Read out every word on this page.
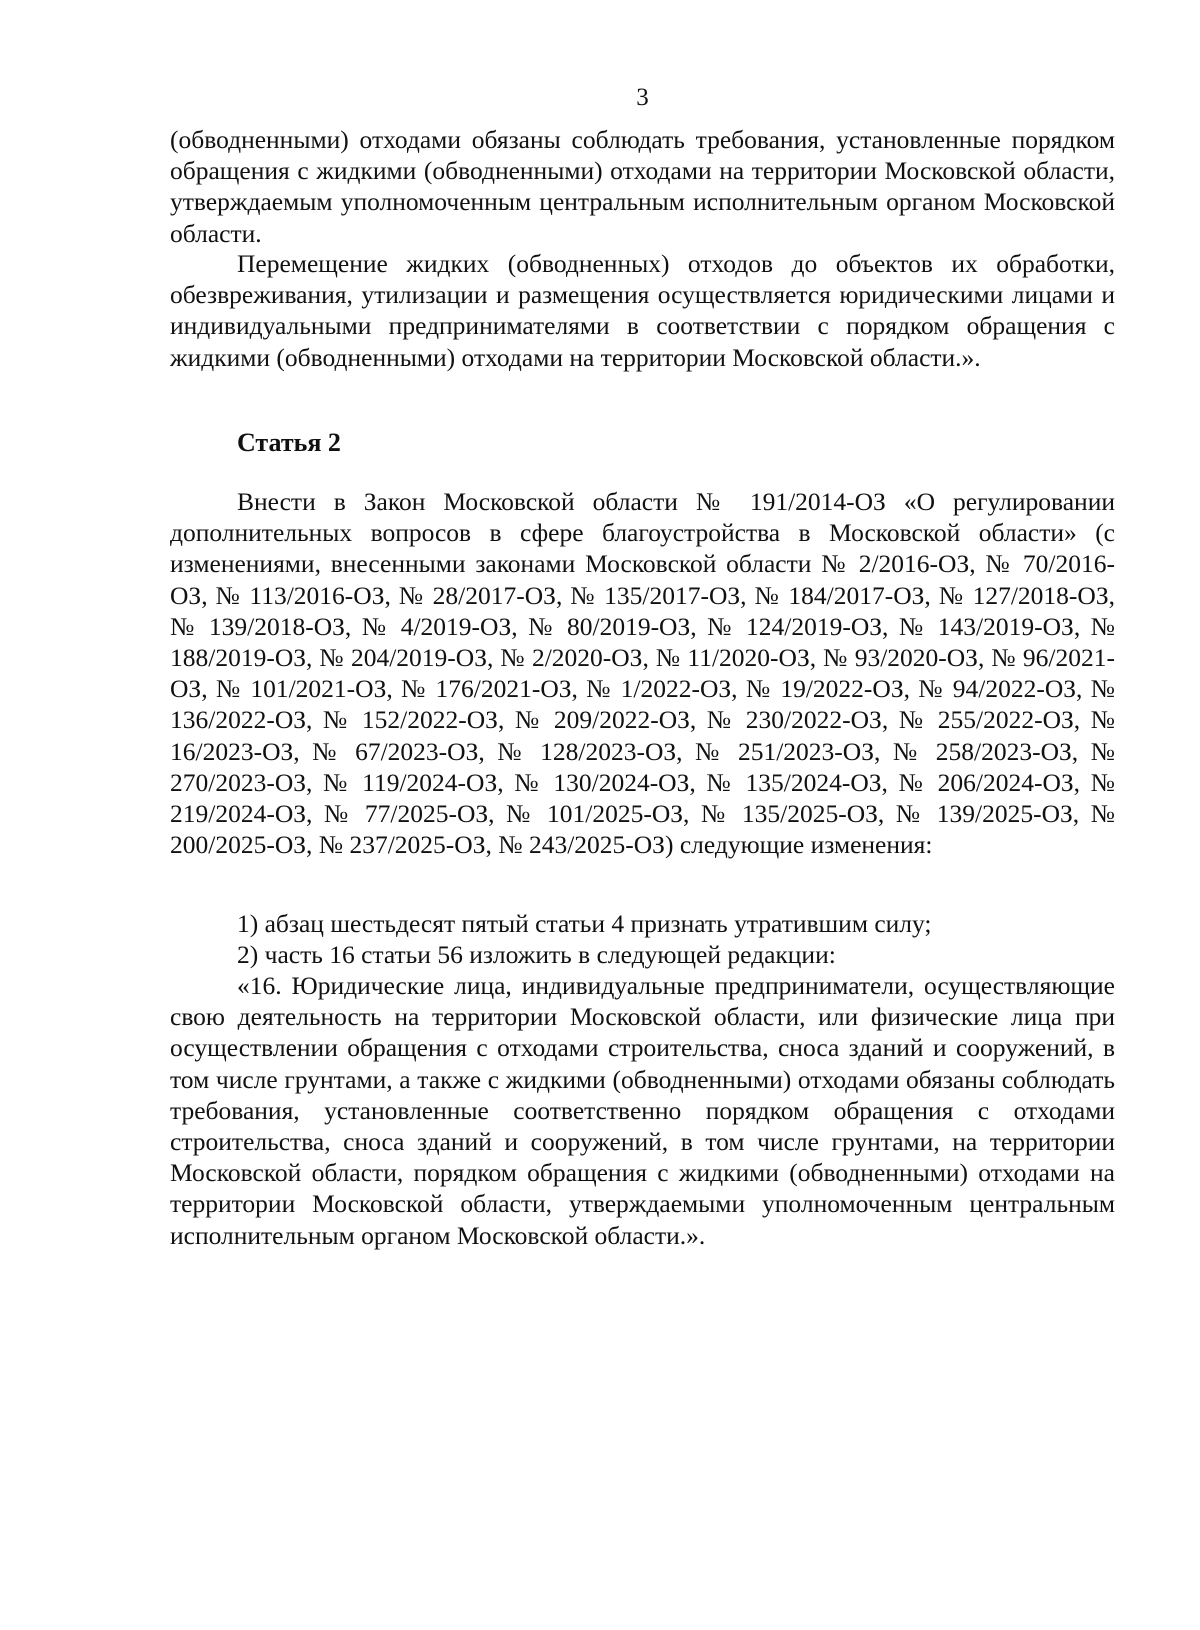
3

(обводненными) отходами обязаны соблюдать требования, установленные порядком обращения с жидкими (обводненными) отходами на территории Московской области, утверждаемым уполномоченным центральным исполнительным органом Московской области.

Перемещение жидких (обводненных) отходов до объектов их обработки, обезвреживания, утилизации и размещения осуществляется юридическими лицами и индивидуальными предпринимателями в соответствии с порядком обращения с жидкими (обводненными) отходами на территории Московской области.».

Статья 2

Внести в Закон Московской области № 191/2014-ОЗ «О регулировании дополнительных вопросов в сфере благоустройства в Московской области» (с изменениями, внесенными законами Московской области № 2/2016-ОЗ, № 70/2016-ОЗ, № 113/2016-ОЗ, № 28/2017-ОЗ, № 135/2017-ОЗ, № 184/2017-ОЗ, № 127/2018-ОЗ, № 139/2018-ОЗ, № 4/2019-ОЗ, № 80/2019-ОЗ, № 124/2019-ОЗ, № 143/2019-ОЗ, № 188/2019-ОЗ, № 204/2019-ОЗ, № 2/2020-ОЗ, № 11/2020-ОЗ, № 93/2020-ОЗ, № 96/2021-ОЗ, № 101/2021-ОЗ, № 176/2021-ОЗ, № 1/2022-ОЗ, № 19/2022-ОЗ, № 94/2022-ОЗ, № 136/2022-ОЗ, № 152/2022-ОЗ, № 209/2022-ОЗ, № 230/2022-ОЗ, № 255/2022-ОЗ, № 16/2023-ОЗ, № 67/2023-ОЗ, № 128/2023-ОЗ, № 251/2023-ОЗ, № 258/2023-ОЗ, № 270/2023-ОЗ, № 119/2024-ОЗ, № 130/2024-ОЗ, № 135/2024-ОЗ, № 206/2024-ОЗ, № 219/2024-ОЗ, № 77/2025-ОЗ, № 101/2025-ОЗ, № 135/2025-ОЗ, № 139/2025-ОЗ, № 200/2025-ОЗ, № 237/2025-ОЗ, № 243/2025-ОЗ) следующие изменения:

1) абзац шестьдесят пятый статьи 4 признать утратившим силу;
2) часть 16 статьи 56 изложить в следующей редакции:

«16. Юридические лица, индивидуальные предприниматели, осуществляющие свою деятельность на территории Московской области, или физические лица при осуществлении обращения с отходами строительства, сноса зданий и сооружений, в том числе грунтами, а также с жидкими (обводненными) отходами обязаны соблюдать требования, установленные соответственно порядком обращения с отходами строительства, сноса зданий и сооружений, в том числе грунтами, на территории Московской области, порядком обращения с жидкими (обводненными) отходами на территории Московской области, утверждаемыми уполномоченным центральным исполнительным органом Московской области.».
